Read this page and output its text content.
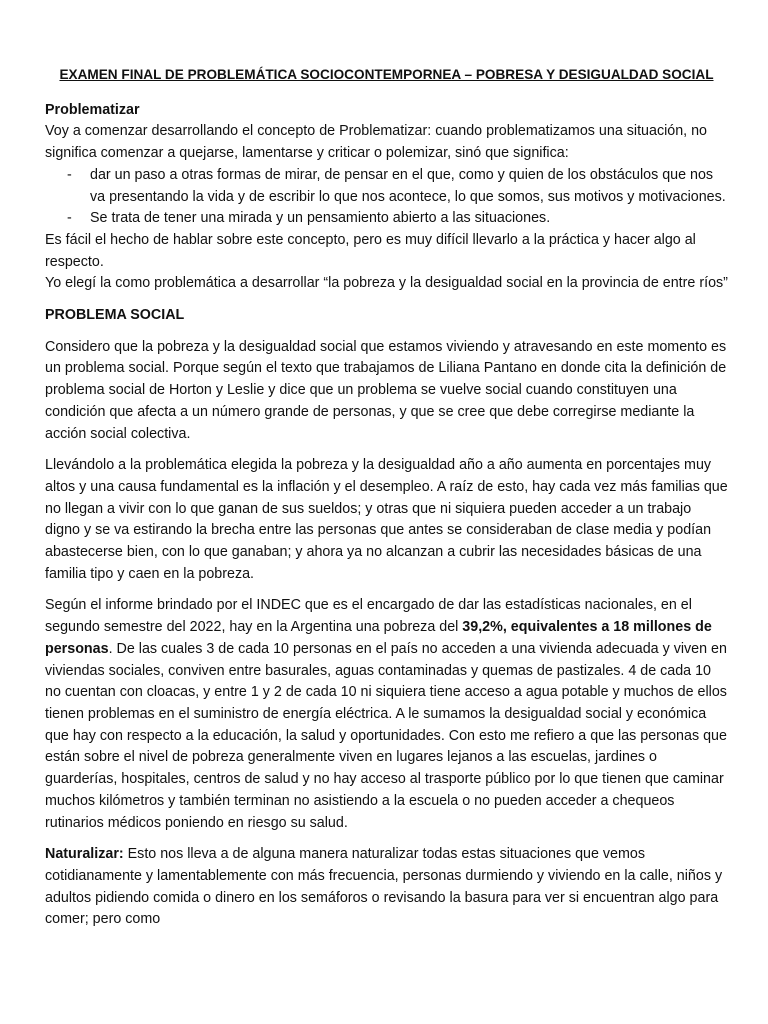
EXAMEN FINAL DE PROBLEMÁTICA SOCIOCONTEMPORNEA – POBRESA Y DESIGUALDAD SOCIAL

Problematizar

Voy a comenzar desarrollando el concepto de Problematizar: cuando problematizamos una situación, no significa comenzar a quejarse, lamentarse y criticar o polemizar, sinó que significa:

- dar un paso a otras formas de mirar, de pensar en el que, como y quien de los obstáculos que nos va presentando la vida y de escribir lo que nos acontece, lo que somos, sus motivos y motivaciones.
- Se trata de tener una mirada y un pensamiento abierto a las situaciones.

Es fácil el hecho de hablar sobre este concepto, pero es muy difícil llevarlo a la práctica y hacer algo al respecto.

Yo elegí la como problemática a desarrollar “la pobreza y la desigualdad social en la provincia de entre ríos”

PROBLEMA SOCIAL

Considero que la pobreza y la desigualdad social que estamos viviendo y atravesando en este momento es un problema social. Porque según el texto que trabajamos de Liliana Pantano en donde cita la definición de problema social de Horton y Leslie y dice que un problema se vuelve social cuando constituyen una condición que afecta a un número grande de personas, y que se cree que debe corregirse mediante la acción social colectiva.

Llevándolo a la problemática elegida la pobreza y la desigualdad año a año aumenta en porcentajes muy altos y una causa fundamental es la inflación y el desempleo. A raíz de esto, hay cada vez más familias que no llegan a vivir con lo que ganan de sus sueldos; y otras que ni siquiera pueden acceder a un trabajo digno y se va estirando la brecha entre las personas que antes se consideraban de clase media y podían abastecerse bien, con lo que ganaban; y ahora ya no alcanzan a cubrir las necesidades básicas de una familia tipo y caen en la pobreza.

Según el informe brindado por el INDEC que es el encargado de dar las estadísticas nacionales, en el segundo semestre del 2022, hay en la Argentina una pobreza del 39,2%, equivalentes a 18 millones de personas. De las cuales 3 de cada 10 personas en el país no acceden a una vivienda adecuada y viven en viviendas sociales, conviven entre basurales, aguas contaminadas y quemas de pastizales. 4 de cada 10 no cuentan con cloacas, y entre 1 y 2 de cada 10 ni siquiera tiene acceso a agua potable y muchos de ellos tienen problemas en el suministro de energía eléctrica. A le sumamos la desigualdad social y económica que hay con respecto a la educación, la salud y oportunidades. Con esto me refiero a que las personas que están sobre el nivel de pobreza generalmente viven en lugares lejanos a las escuelas, jardines o guarderías, hospitales, centros de salud y no hay acceso al trasporte público por lo que tienen que caminar muchos kilómetros y también terminan no asistiendo a la escuela o no pueden acceder a chequeos rutinarios médicos poniendo en riesgo su salud.

Naturalizar: Esto nos lleva a de alguna manera naturalizar todas estas situaciones que vemos cotidianamente y lamentablemente con más frecuencia, personas durmiendo y viviendo en la calle, niños y adultos pidiendo comida o dinero en los semáforos o revisando la basura para ver si encuentran algo para comer; pero como
